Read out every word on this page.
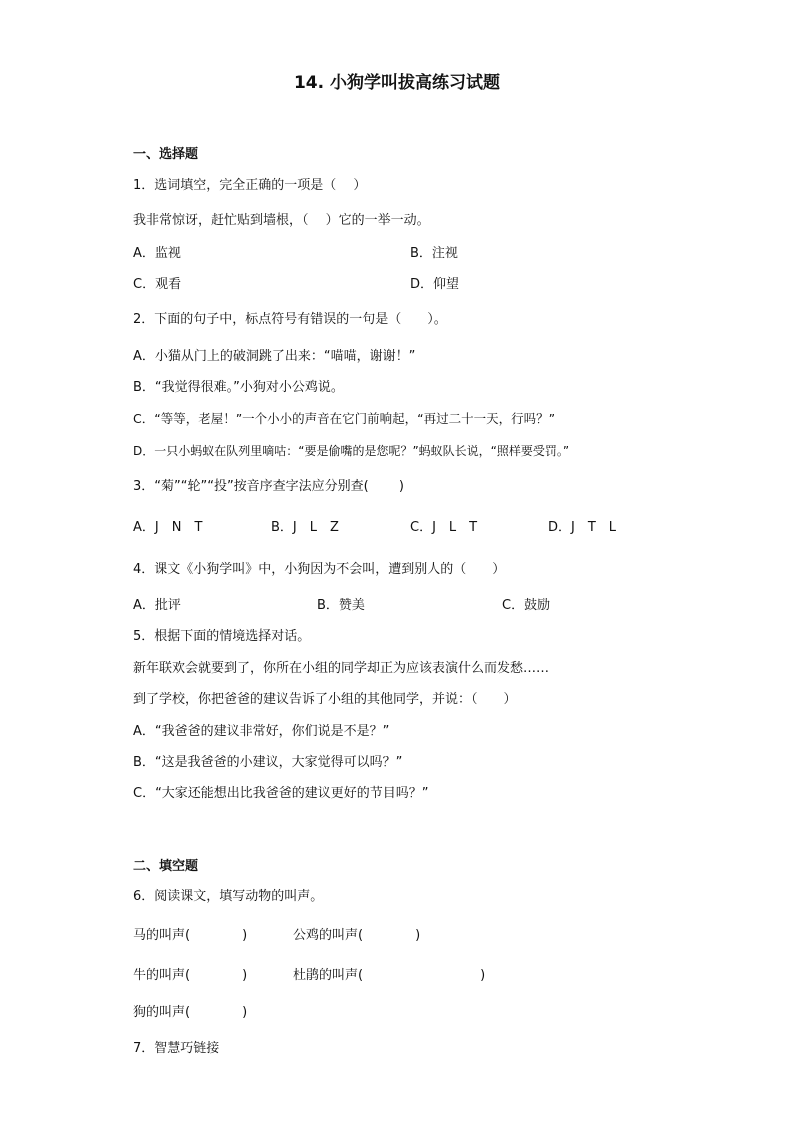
14. 小狗学叫拔高练习试题
一、选择题
1．选词填空，完全正确的一项是（　 ）
我非常惊讶，赶忙贴到墙根，（　 ）它的一举一动。
A．监视	B．注视
C．观看	D．仰望
2．下面的句子中，标点符号有错误的一句是（　　）。
A．小猫从门上的破洞跳了出来：“喵喵，谢谢！”
B．“我觉得很难。”小狗对小公鸡说。
C．“等等，老屋！”一个小小的声音在它门前响起，“再过二十一天，行吗？”
D．一只小蚂蚁在队列里嘀咕：“要是偷嘴的是您呢？”蚂蚁队长说，“照样要受罚。”
3．“菊”“轮”“投”按音序查字法应分别查(　　 )
A．J　N　T	B．J　L　Z	C．J　L　T	D．J　T　L
4．课文《小狗学叫》中，小狗因为不会叫，遭到别人的（　　）
A．批评	B．赞美	C．鼓励
5．根据下面的情境选择对话。
新年联欢会就要到了，你所在小组的同学却正为应该表演什么而发愁……
到了学校，你把爸爸的建议告诉了小组的其他同学，并说：（　　）
A．“我爸爸的建议非常好，你们说是不是？”
B．“这是我爸爸的小建议，大家觉得可以吗？”
C．“大家还能想出比我爸爸的建议更好的节目吗？”
二、填空题
6．阅读课文，填写动物的叫声。
马的叫声(　　　　)	公鸡的叫声(　　　　)
牛的叫声(　　　　)	杜鹃的叫声(　　　　　　　　　)
狗的叫声(　　　　)
7．智慧巧链接
